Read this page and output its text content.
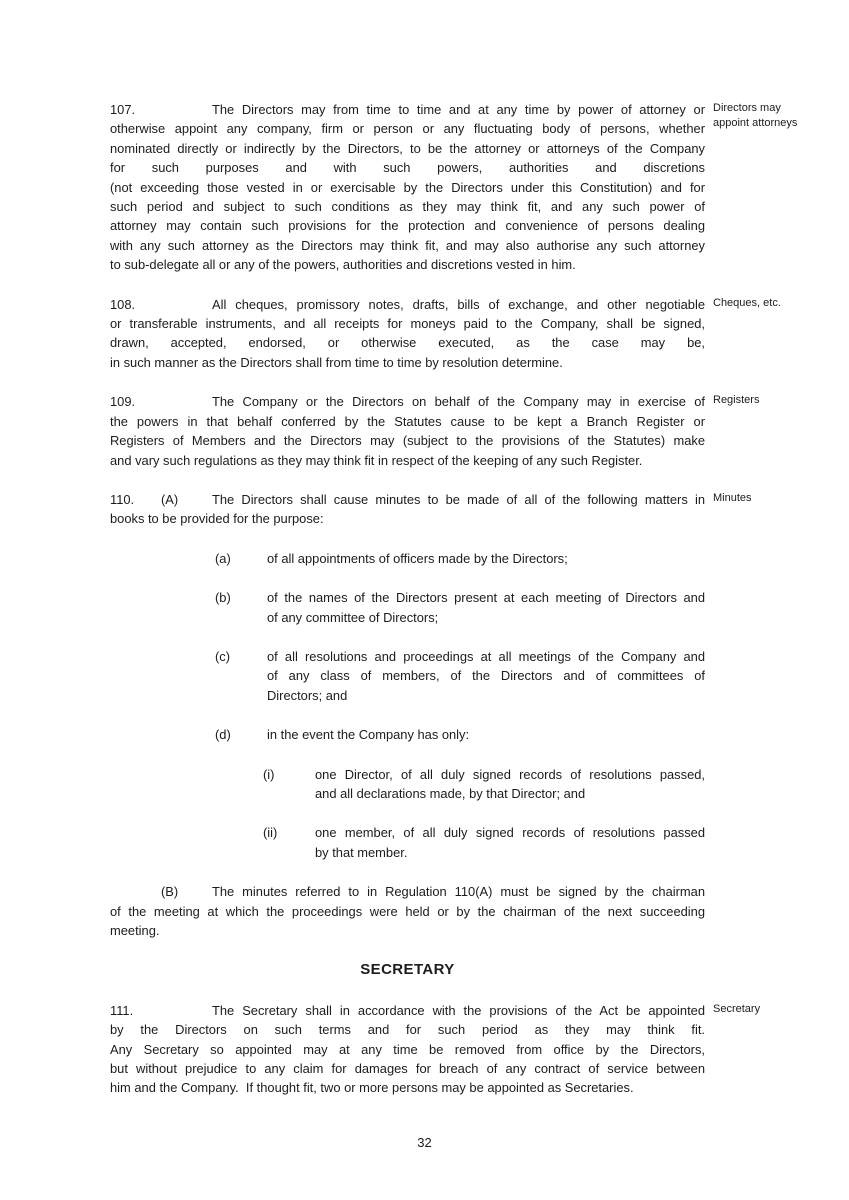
107.	The Directors may from time to time and at any time by power of attorney or
otherwise appoint any company, firm or person or any fluctuating body of persons, whether
nominated directly or indirectly by the Directors, to be the attorney or attorneys of the Company
for such purposes and with such powers, authorities and discretions
(not exceeding those vested in or exercisable by the Directors under this Constitution) and for
such period and subject to such conditions as they may think fit, and any such power of
attorney may contain such provisions for the protection and convenience of persons dealing
with any such attorney as the Directors may think fit, and may also authorise any such attorney
to sub-delegate all or any of the powers, authorities and discretions vested in him.
Directors may appoint attorneys
108.	All cheques, promissory notes, drafts, bills of exchange, and other negotiable
or transferable instruments, and all receipts for moneys paid to the Company, shall be signed,
drawn, accepted, endorsed, or otherwise executed, as the case may be,
in such manner as the Directors shall from time to time by resolution determine.
Cheques, etc.
109.	The Company or the Directors on behalf of the Company may in exercise of
the powers in that behalf conferred by the Statutes cause to be kept a Branch Register or
Registers of Members and the Directors may (subject to the provisions of the Statutes) make
and vary such regulations as they may think fit in respect of the keeping of any such Register.
Registers
110. (A)	The Directors shall cause minutes to be made of all of the following matters in
books to be provided for the purpose:
Minutes
(a)	of all appointments of officers made by the Directors;
(b)	of the names of the Directors present at each meeting of Directors and
of any committee of Directors;
(c)	of all resolutions and proceedings at all meetings of the Company and
of any class of members, of the Directors and of committees of
Directors; and
(d)	in the event the Company has only:
(i)	one Director, of all duly signed records of resolutions passed,
and all declarations made, by that Director; and
(ii)	one member, of all duly signed records of resolutions passed
by that member.
(B)	The minutes referred to in Regulation 110(A) must be signed by the chairman
of the meeting at which the proceedings were held or by the chairman of the next succeeding
meeting.
SECRETARY
111.	The Secretary shall in accordance with the provisions of the Act be appointed
by the Directors on such terms and for such period as they may think fit.
Any Secretary so appointed may at any time be removed from office by the Directors,
but without prejudice to any claim for damages for breach of any contract of service between
him and the Company.  If thought fit, two or more persons may be appointed as Secretaries.
Secretary
32
